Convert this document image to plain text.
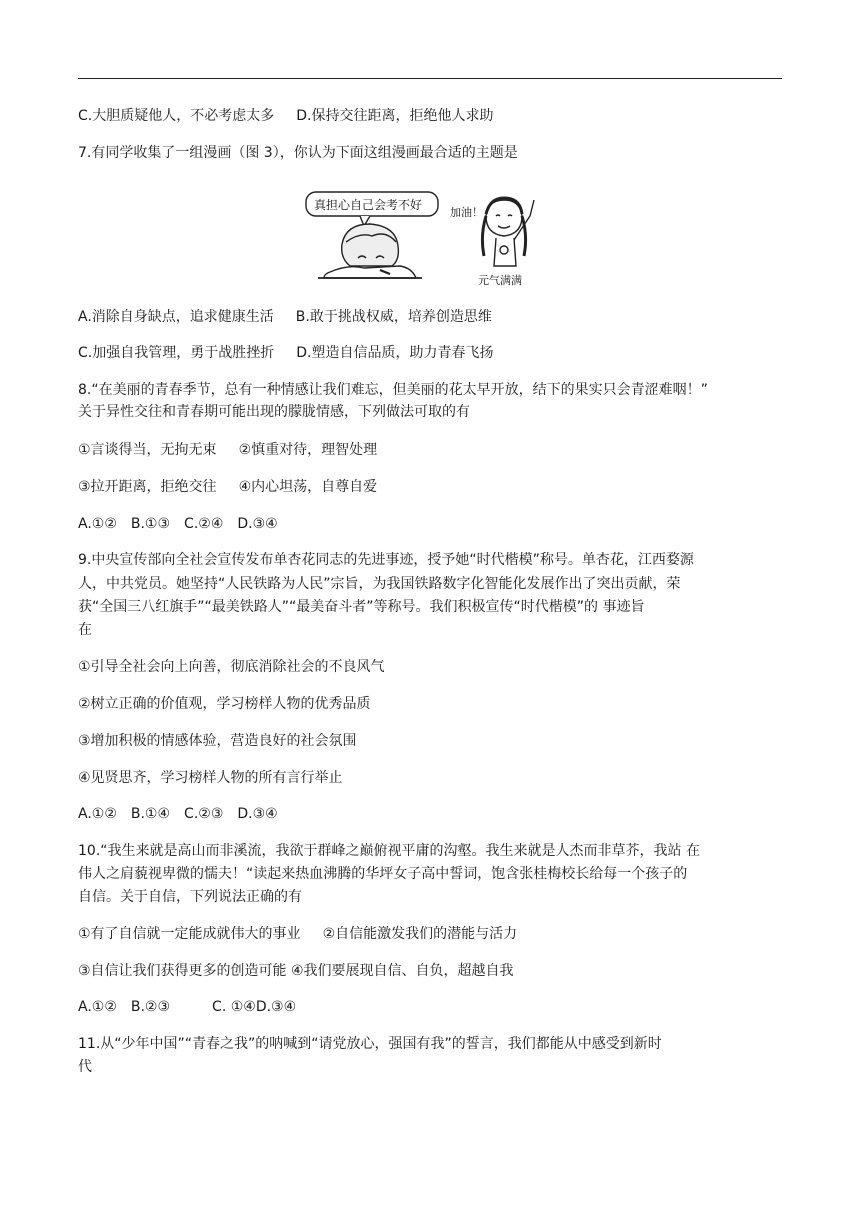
C.大胆质疑他人，不必考虑太多 D.保持交往距离，拒绝他人求助
7.有同学收集了一组漫画（图 3），你认为下面这组漫画最合适的主题是
真担心自己会考不好
加油！
元气满满
A.消除自身缺点，追求健康生活 B.敢于挑战权威，培养创造思维
C.加强自我管理，勇于战胜挫折 D.塑造自信品质，助力青春飞扬
8.“在美丽的青春季节，总有一种情感让我们难忘，但美丽的花太早开放，结下的果实只会青涩难咽！”
关于异性交往和青春期可能出现的朦胧情感，下列做法可取的有
①言谈得当，无拘无束 ②慎重对待，理智处理
③拉开距离，拒绝交往 ④内心坦荡，自尊自爱
A.①②　B.①③　C.②④　D.③④
9.中央宣传部向全社会宣传发布单杏花同志的先进事迹，授予她“时代楷模”称号。单杏花，江西婺源
人，中共党员。她坚持“人民铁路为人民”宗旨，为我国铁路数字化智能化发展作出了突出贡献，荣
获“全国三八红旗手”“最美铁路人”“最美奋斗者”等称号。我们积极宣传“时代楷模”的 事迹旨
在
①引导全社会向上向善，彻底消除社会的不良风气
②树立正确的价值观，学习榜样人物的优秀品质
③增加积极的情感体验，营造良好的社会氛围
④见贤思齐，学习榜样人物的所有言行举止
A.①②　B.①④　C.②③　D.③④
10.“我生来就是高山而非溪流，我欲于群峰之巅俯视平庸的沟壑。我生来就是人杰而非草芥，我站 在
伟人之肩藐视卑微的懦夫！“读起来热血沸腾的华坪女子高中誓词，饱含张桂梅校长给每一个孩子的
自信。关于自信，下列说法正确的有
①有了自信就一定能成就伟大的事业 ②自信能激发我们的潜能与活力
③自信让我们获得更多的创造可能 ④我们要展现自信、自负，超越自我
A.①②　B.②③　　　C. ①④D.③④
11.从“少年中国”“青春之我”的呐喊到“请党放心，强国有我”的誓言，我们都能从中感受到新时
代
